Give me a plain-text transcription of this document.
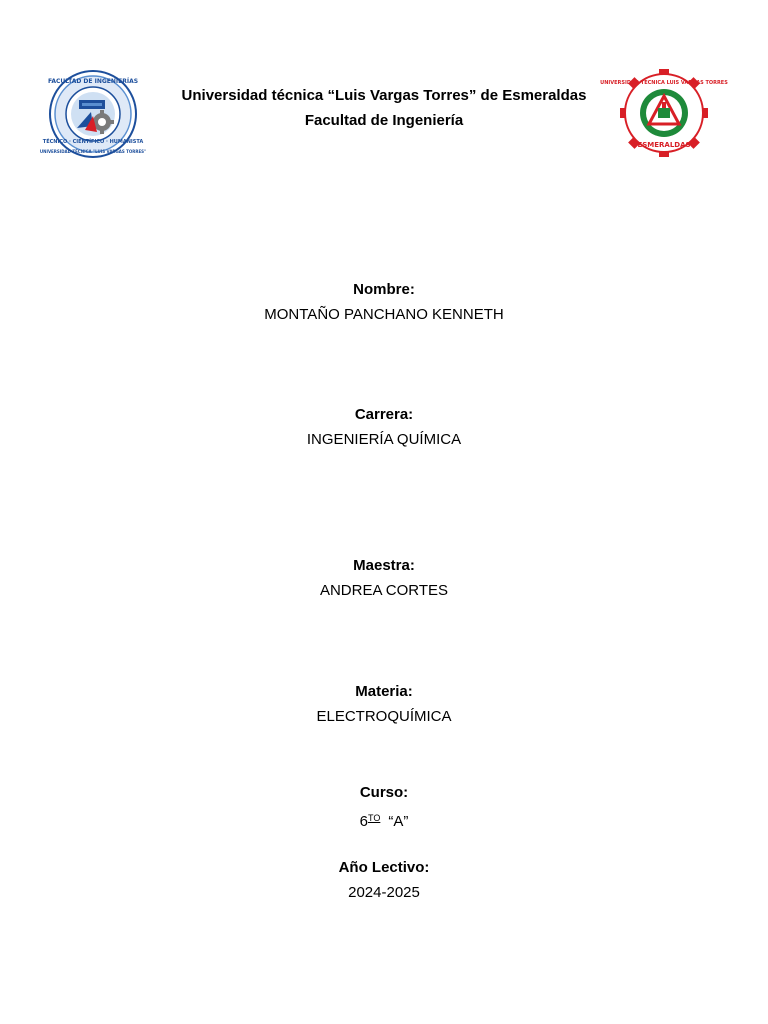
FACULTAD DE INGENIERÍAS
TÉCNICO · CIENTÍFICO · HUMANISTA
UNIVERSIDAD TÉCNICA "LUIS VARGAS TORRES"
Universidad técnica “Luis Vargas Torres” de Esmeraldas
Facultad de Ingeniería
UNIVERSIDAD TECNICA LUIS VARGAS TORRES
ESMERALDAS
Nombre:
MONTAÑO PANCHANO KENNETH
Carrera:
INGENIERÍA QUÍMICA
Maestra:
ANDREA CORTES
Materia:
ELECTROQUÍMICA
Curso:
$6^{TO}$ “A”
Año Lectivo:
2024-2025
